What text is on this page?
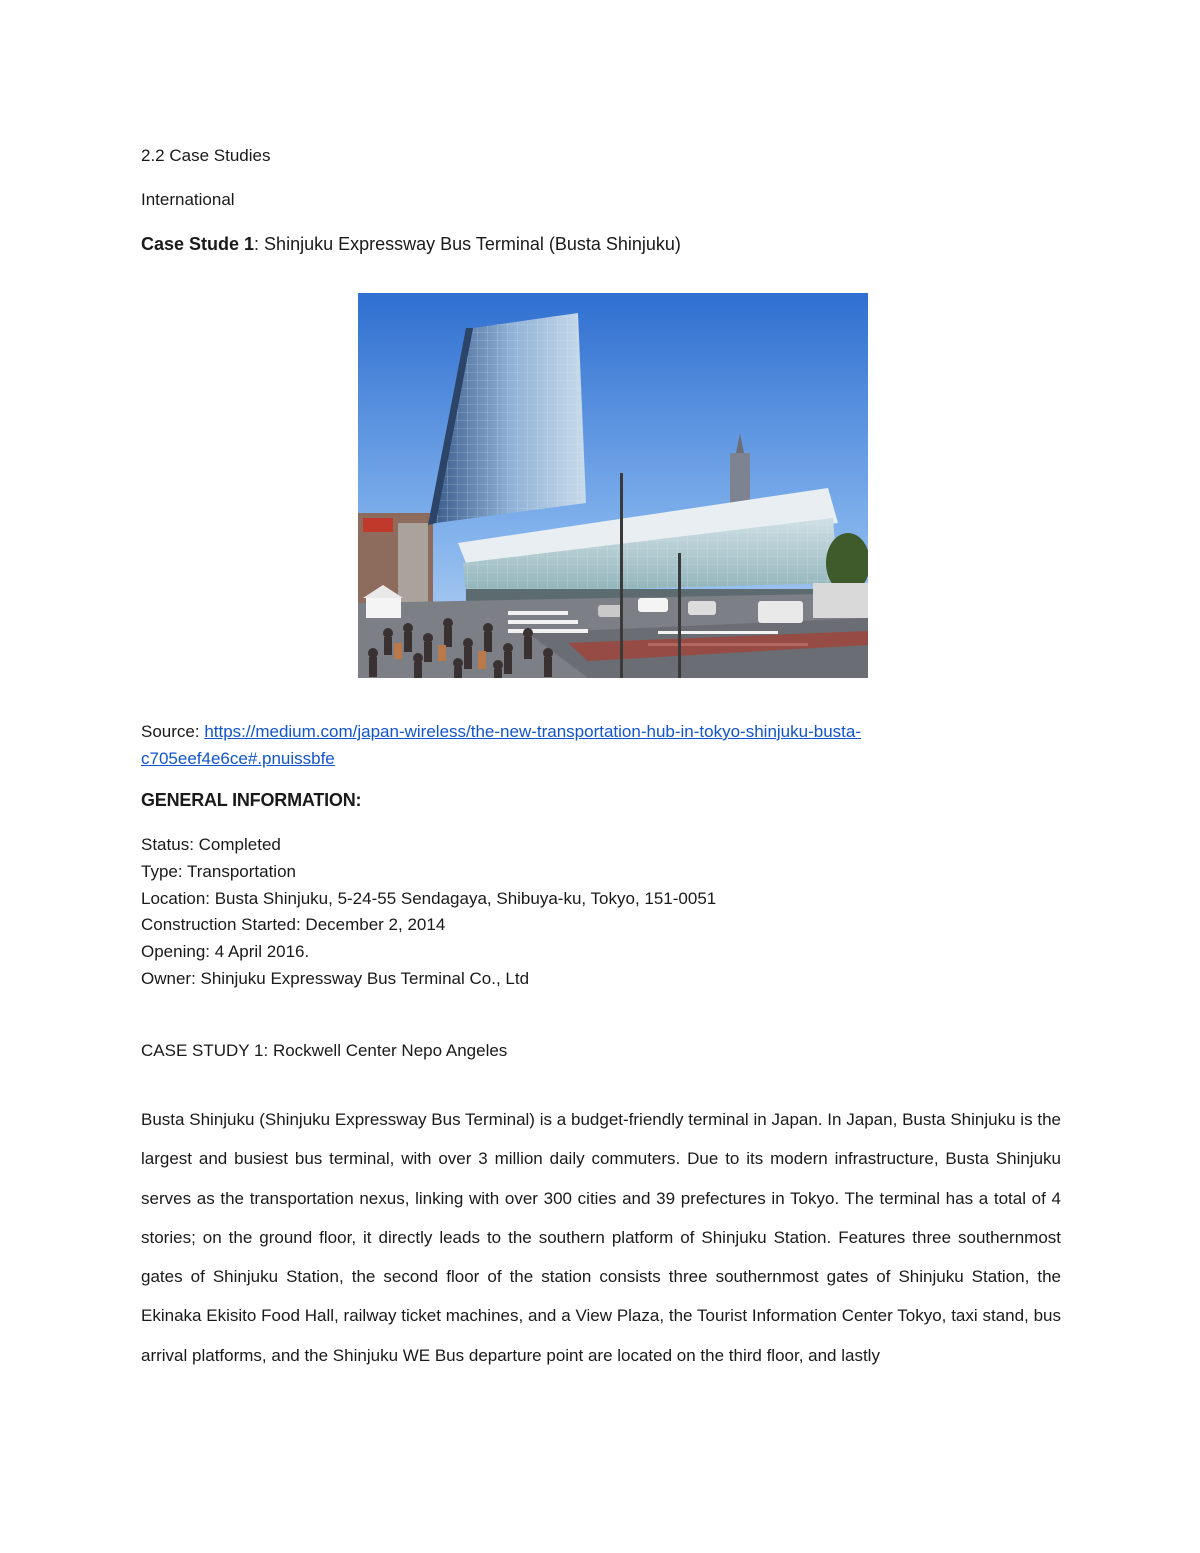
2.2 Case Studies
International
Case Stude 1: Shinjuku Expressway Bus Terminal (Busta Shinjuku)
Source: https://medium.com/japan-wireless/the-new-transportation-hub-in-tokyo-shinjuku-busta-c705eef4e6ce#.pnuissbfe
GENERAL INFORMATION:
Status: Completed
Type: Transportation
Location: Busta Shinjuku, 5-24-55 Sendagaya, Shibuya-ku, Tokyo, 151-0051
Construction Started: December 2, 2014
Opening: 4 April 2016.
Owner: Shinjuku Expressway Bus Terminal Co., Ltd
CASE STUDY 1: Rockwell Center Nepo Angeles
Busta Shinjuku (Shinjuku Expressway Bus Terminal) is a budget-friendly terminal in Japan. In Japan, Busta Shinjuku is the largest and busiest bus terminal, with over 3 million daily commuters. Due to its modern infrastructure, Busta Shinjuku serves as the transportation nexus, linking with over 300 cities and 39 prefectures in Tokyo. The terminal has a total of 4 stories; on the ground floor, it directly leads to the southern platform of Shinjuku Station. Features three southernmost gates of Shinjuku Station, the second floor of the station consists three southernmost gates of Shinjuku Station, the Ekinaka Ekisito Food Hall, railway ticket machines, and a View Plaza, the Tourist Information Center Tokyo, taxi stand, bus arrival platforms, and the Shinjuku WE Bus departure point are located on the third floor, and lastly
